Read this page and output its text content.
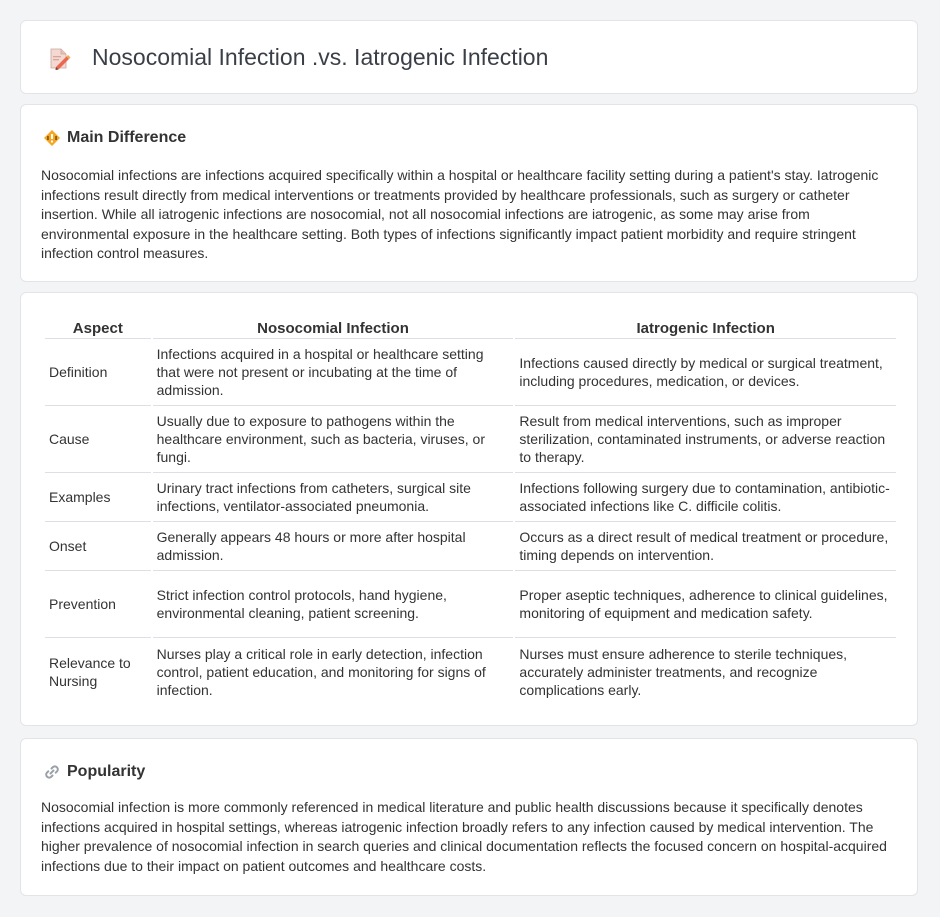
Nosocomial Infection .vs. Iatrogenic Infection
Main Difference

Nosocomial infections are infections acquired specifically within a hospital or healthcare facility setting during a patient's stay. Iatrogenic infections result directly from medical interventions or treatments provided by healthcare professionals, such as surgery or catheter insertion. While all iatrogenic infections are nosocomial, not all nosocomial infections are iatrogenic, as some may arise from environmental exposure in the healthcare setting. Both types of infections significantly impact patient morbidity and require stringent infection control measures.

Aspect	Nosocomial Infection	Iatrogenic Infection
Definition	Infections acquired in a hospital or healthcare setting that were not present or incubating at the time of admission.	Infections caused directly by medical or surgical treatment, including procedures, medication, or devices.
Cause	Usually due to exposure to pathogens within the healthcare environment, such as bacteria, viruses, or fungi.	Result from medical interventions, such as improper sterilization, contaminated instruments, or adverse reaction to therapy.
Examples	Urinary tract infections from catheters, surgical site infections, ventilator-associated pneumonia.	Infections following surgery due to contamination, antibiotic-associated infections like C. difficile colitis.
Onset	Generally appears 48 hours or more after hospital admission.	Occurs as a direct result of medical treatment or procedure, timing depends on intervention.
Prevention	Strict infection control protocols, hand hygiene, environmental cleaning, patient screening.	Proper aseptic techniques, adherence to clinical guidelines, monitoring of equipment and medication safety.
Relevance to Nursing	Nurses play a critical role in early detection, infection control, patient education, and monitoring for signs of infection.	Nurses must ensure adherence to sterile techniques, accurately administer treatments, and recognize complications early.
Popularity

Nosocomial infection is more commonly referenced in medical literature and public health discussions because it specifically denotes infections acquired in hospital settings, whereas iatrogenic infection broadly refers to any infection caused by medical intervention. The higher prevalence of nosocomial infection in search queries and clinical documentation reflects the focused concern on hospital-acquired infections due to their impact on patient outcomes and healthcare costs.
